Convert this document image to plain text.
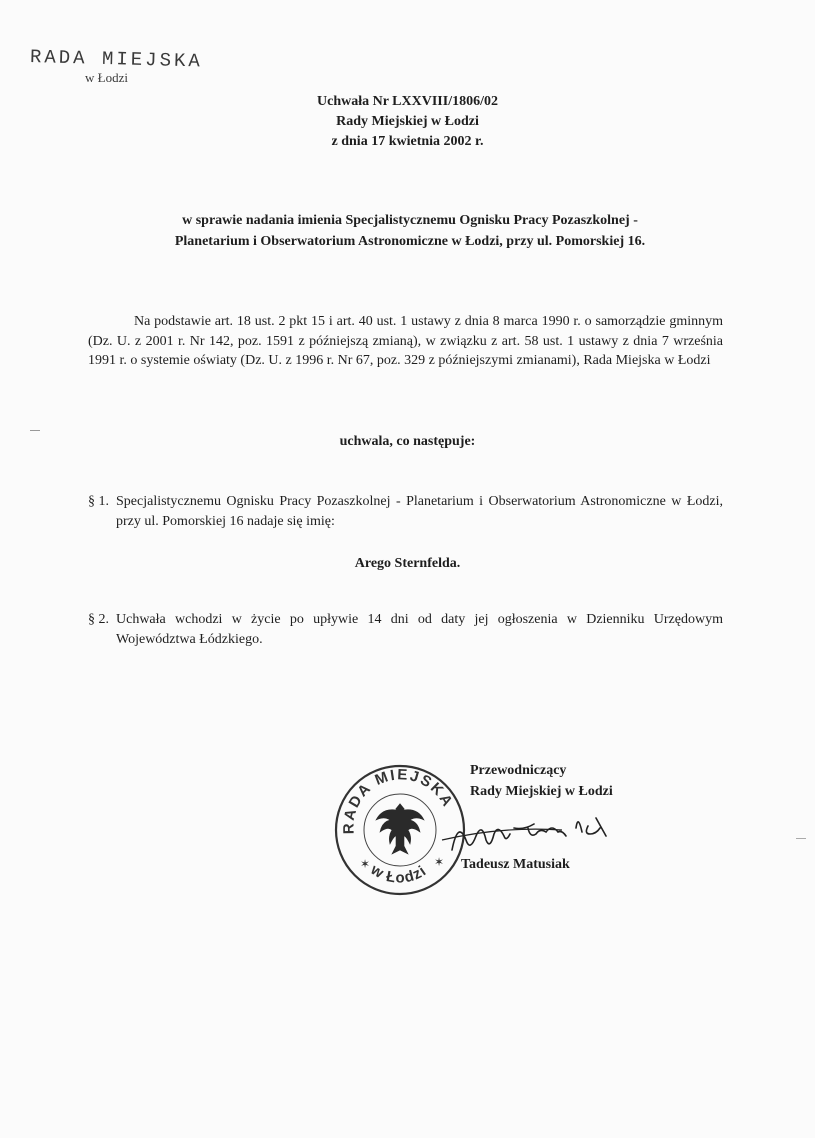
RADA MIEJSKA
w Łodzi
Uchwała Nr LXXVIII/1806/02
Rady Miejskiej w Łodzi
z dnia 17 kwietnia 2002 r.
w sprawie nadania imienia Specjalistycznemu Ognisku Pracy Pozaszkolnej -
Planetarium i Obserwatorium Astronomiczne w Łodzi, przy ul. Pomorskiej 16.
Na podstawie art. 18 ust. 2 pkt 15 i art. 40 ust. 1 ustawy z dnia 8 marca 1990 r. o samorządzie gminnym (Dz. U. z 2001 r. Nr 142, poz. 1591 z późniejszą zmianą), w związku z art. 58 ust. 1 ustawy z dnia 7 września 1991 r. o systemie oświaty (Dz. U. z 1996 r. Nr 67, poz. 329 z późniejszymi zmianami), Rada Miejska w Łodzi
uchwala, co następuje:
§ 1. Specjalistycznemu Ognisku Pracy Pozaszkolnej - Planetarium i Obserwatorium Astronomiczne w Łodzi, przy ul. Pomorskiej 16 nadaje się imię:
Arego Sternfelda.
§ 2. Uchwała wchodzi w życie po upływie 14 dni od daty jej ogłoszenia w Dzienniku Urzędowym Województwa Łódzkiego.
RADA MIEJSKA
w Łodzi
✶	✶
Przewodniczący
Rady Miejskiej w Łodzi
Tadeusz Matusiak
